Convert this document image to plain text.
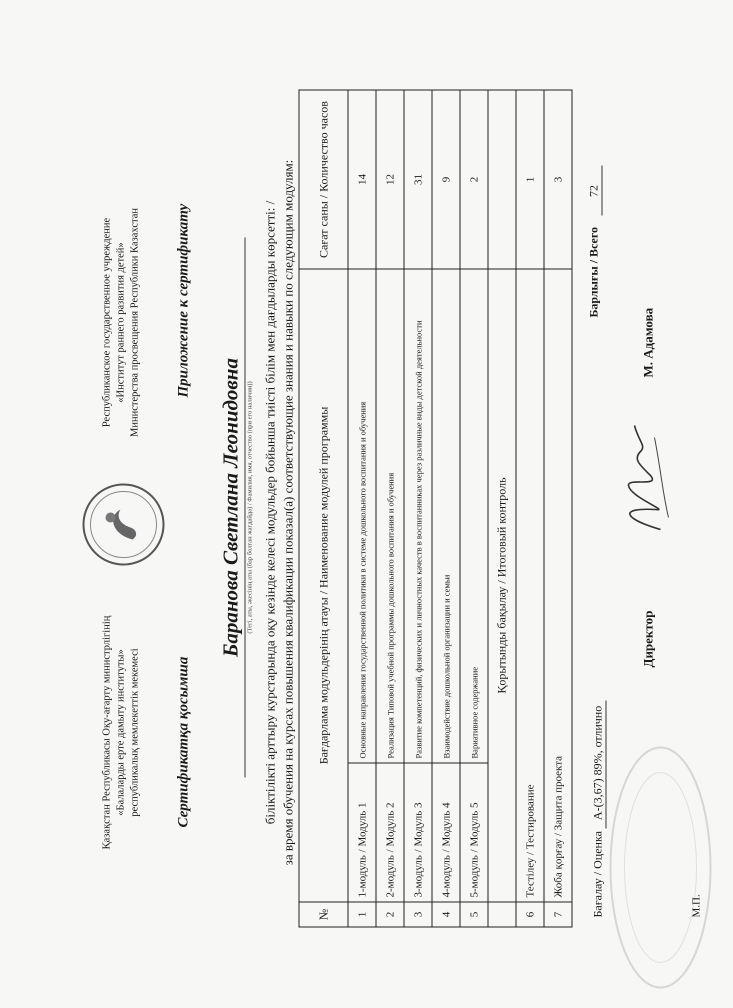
Қазақстан Республикасы Оқу-ағарту министрлігінің «Балаларды ерте дамыту институты» республикалық мемлекеттік мекемесі
Республиканское государственное учреждение «Институт раннего развития детей» Министерства просвещения Республики Казахстан
Сертификатқа қосымша
Приложение к сертификату
Баранова Светлана Леонидовна (Тегі, аты, әкесінің аты (бар болған жағдайда) / Фамилия, имя, отчество (при его наличии)) біліктілікті арттыру курстарында оқу кезінде келесі модульдер бойынша тиісті білім мен дағдыларды көрсетті: / за время обучения на курсах повышения квалификации показал(а) соответствующие знания и навыки по следующим модулям:
№	Бағдарлама модульдерінің атауы / Наименование модулей программы		Сағат саны / Количество часов
1	1-модуль / Модуль 1	Основные направления государственной политики в системе дошкольного воспитания и обучения	14
2	2-модуль / Модуль 2	Реализация Типовой учебной программы дошкольного воспитания и обучения	12
3	3-модуль / Модуль 3	Развитие компетенций, физических и личностных качеств в воспитанниках через различные виды детской деятельности	31
4	4-модуль / Модуль 4	Взаимодействие дошкольной организации и семьи	9
5	5-модуль / Модуль 5	Вариативное содержание	2
	Қорытынды бақылау / Итоговый контроль		
6	Тестілеу / Тестирование		1
7	Жоба қорғау / Защита проекта		3
Бағалау / Оценка A-(3,67) 89%, отлично
Барлығы / Всего 72
М.П.
Директор
М. Адамова
